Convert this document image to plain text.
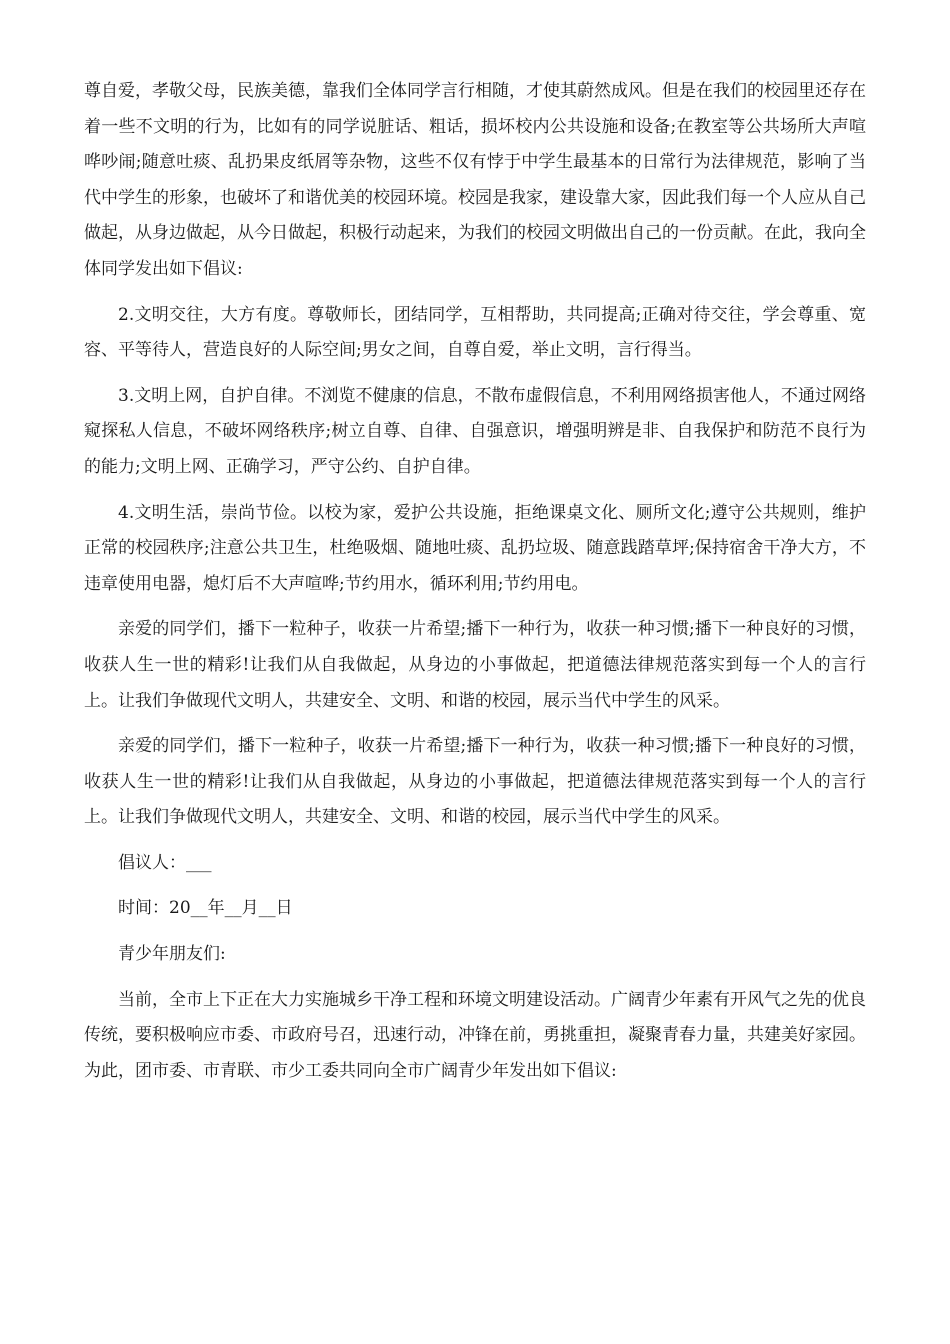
尊自爱，孝敬父母，民族美德，靠我们全体同学言行相随，才使其蔚然成风。但是在我们的校园里还存在着一些不文明的行为，比如有的同学说脏话、粗话，损坏校内公共设施和设备;在教室等公共场所大声喧哗吵闹;随意吐痰、乱扔果皮纸屑等杂物，这些不仅有悖于中学生最基本的日常行为法律规范，影响了当代中学生的形象，也破坏了和谐优美的校园环境。校园是我家，建设靠大家，因此我们每一个人应从自己做起，从身边做起，从今日做起，积极行动起来，为我们的校园文明做出自己的一份贡献。在此，我向全体同学发出如下倡议:

2.文明交往，大方有度。尊敬师长，团结同学，互相帮助，共同提高;正确对待交往，学会尊重、宽容、平等待人，营造良好的人际空间;男女之间，自尊自爱，举止文明，言行得当。

3.文明上网，自护自律。不浏览不健康的信息，不散布虚假信息，不利用网络损害他人，不通过网络窥探私人信息，不破坏网络秩序;树立自尊、自律、自强意识，增强明辨是非、自我保护和防范不良行为的能力;文明上网、正确学习，严守公约、自护自律。

4.文明生活，崇尚节俭。以校为家，爱护公共设施，拒绝课桌文化、厕所文化;遵守公共规则，维护正常的校园秩序;注意公共卫生，杜绝吸烟、随地吐痰、乱扔垃圾、随意践踏草坪;保持宿舍干净大方，不违章使用电器，熄灯后不大声喧哗;节约用水，循环利用;节约用电。

亲爱的同学们，播下一粒种子，收获一片希望;播下一种行为，收获一种习惯;播下一种良好的习惯，收获人生一世的精彩!让我们从自我做起，从身边的小事做起，把道德法律规范落实到每一个人的言行上。让我们争做现代文明人，共建安全、文明、和谐的校园，展示当代中学生的风采。

亲爱的同学们，播下一粒种子，收获一片希望;播下一种行为，收获一种习惯;播下一种良好的习惯，收获人生一世的精彩!让我们从自我做起，从身边的小事做起，把道德法律规范落实到每一个人的言行上。让我们争做现代文明人，共建安全、文明、和谐的校园，展示当代中学生的风采。

倡议人：___

时间：20__年__月__日

青少年朋友们:

当前，全市上下正在大力实施城乡干净工程和环境文明建设活动。广阔青少年素有开风气之先的优良传统，要积极响应市委、市政府号召，迅速行动，冲锋在前，勇挑重担，凝聚青春力量，共建美好家园。为此，团市委、市青联、市少工委共同向全市广阔青少年发出如下倡议:
